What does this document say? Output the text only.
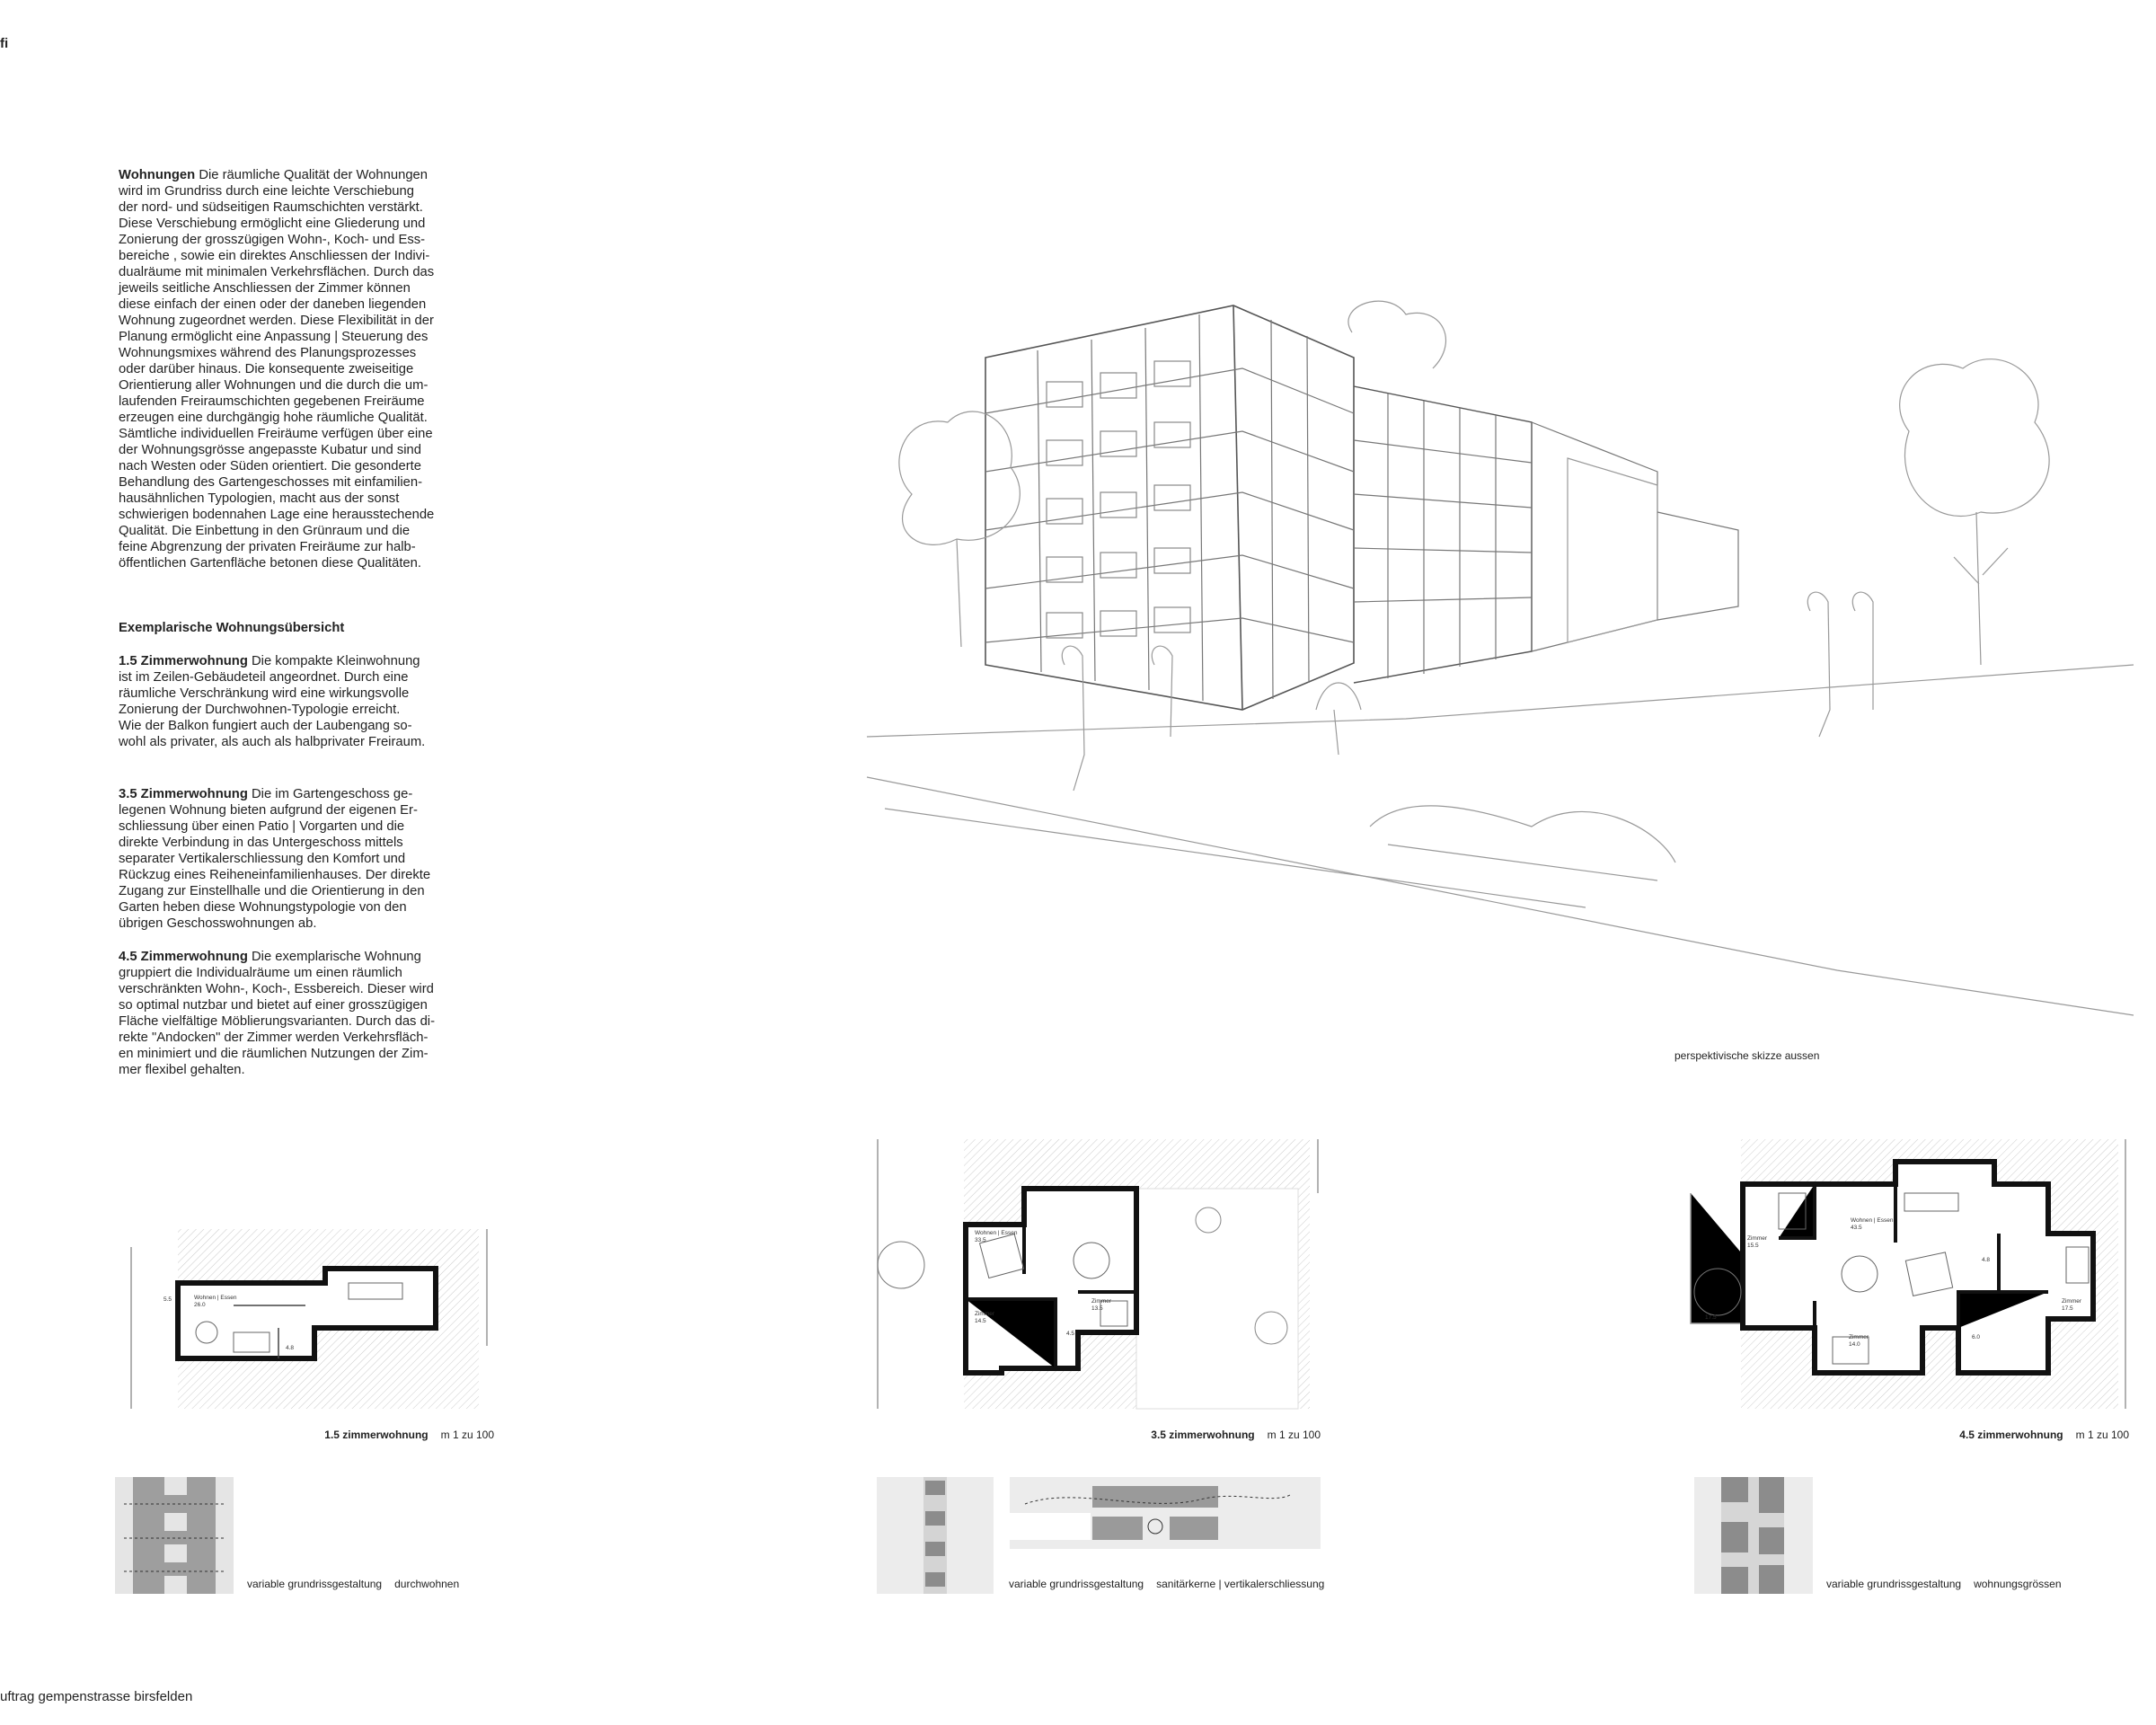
fi

Wohnungen Die räumliche Qualität der Wohnungen
wird im Grundriss durch eine leichte Verschiebung
der nord- und südseitigen Raumschichten verstärkt.
Diese Verschiebung ermöglicht eine Gliederung und
Zonierung der grosszügigen Wohn-, Koch- und Ess-
bereiche , sowie ein direktes Anschliessen der Indivi-
dualräume mit minimalen Verkehrsflächen. Durch das
jeweils seitliche Anschliessen der Zimmer können
diese einfach der einen oder der daneben liegenden
Wohnung zugeordnet werden. Diese Flexibilität in der
Planung ermöglicht eine Anpassung | Steuerung des
Wohnungsmixes während des Planungsprozesses
oder darüber hinaus. Die konsequente zweiseitige
Orientierung aller Wohnungen und die durch die um-
laufenden Freiraumschichten gegebenen Freiräume
erzeugen eine durchgängig hohe räumliche Qualität.
Sämtliche individuellen Freiräume verfügen über eine
der Wohnungsgrösse angepasste Kubatur und sind
nach Westen oder Süden orientiert. Die gesonderte
Behandlung des Gartengeschosses mit einfamilien-
hausähnlichen Typologien, macht aus der sonst
schwierigen bodennahen Lage eine herausstechende
Qualität. Die Einbettung in den Grünraum und die
feine Abgrenzung der privaten Freiräume zur halb-
öffentlichen Gartenfläche betonen diese Qualitäten.

Exemplarische Wohnungsübersicht

1.5 Zimmerwohnung Die kompakte Kleinwohnung
ist im Zeilen-Gebäudeteil angeordnet. Durch eine
räumliche Verschränkung wird eine wirkungsvolle
Zonierung der Durchwohnen-Typologie erreicht.
Wie der Balkon fungiert auch der Laubengang so-
wohl als privater, als auch als halbprivater Freiraum.

3.5 Zimmerwohnung Die im Gartengeschoss ge-
legenen Wohnung bieten aufgrund der eigenen Er-
schliessung über einen Patio | Vorgarten und die
direkte Verbindung in das Untergeschoss mittels
separater Vertikalerschliessung den Komfort und
Rückzug eines Reiheneinfamilienhauses. Der direkte
Zugang zur Einstellhalle und die Orientierung in den
Garten heben diese Wohnungstypologie von den
übrigen Geschosswohnungen ab.

4.5 Zimmerwohnung Die exemplarische Wohnung
gruppiert die Individualräume um einen räumlich
verschränkten Wohn-, Koch-, Essbereich. Dieser wird
so optimal nutzbar und bietet auf einer grosszügigen
Fläche vielfältige Möblierungsvarianten. Durch das di-
rekte "Andocken" der Zimmer werden Verkehrsfläch-
en minimiert und die räumlichen Nutzungen der Zim-
mer flexibel gehalten.

perspektivische skizze aussen
Wohnen | Essen
26.0
5.5
4.8
1.5 zimmerwohnung m 1 zu 100
Wohnen | Essen
33.5
Zimmer
14.5
Zimmer
13.5
4.5
3.5 zimmerwohnung m 1 zu 100
Zimmer
15.5
Wohnen | Essen
43.5
Zimmer
14.0
Zimmer
17.5
4.8
6.0
17.5
4.5 zimmerwohnung m 1 zu 100
variable grundrissgestaltung durchwohnen	variable grundrissgestaltung sanitärkerne | vertikalerschliessung	variable grundrissgestaltung wohnungsgrössen
uftrag gempenstrasse birsfelden
